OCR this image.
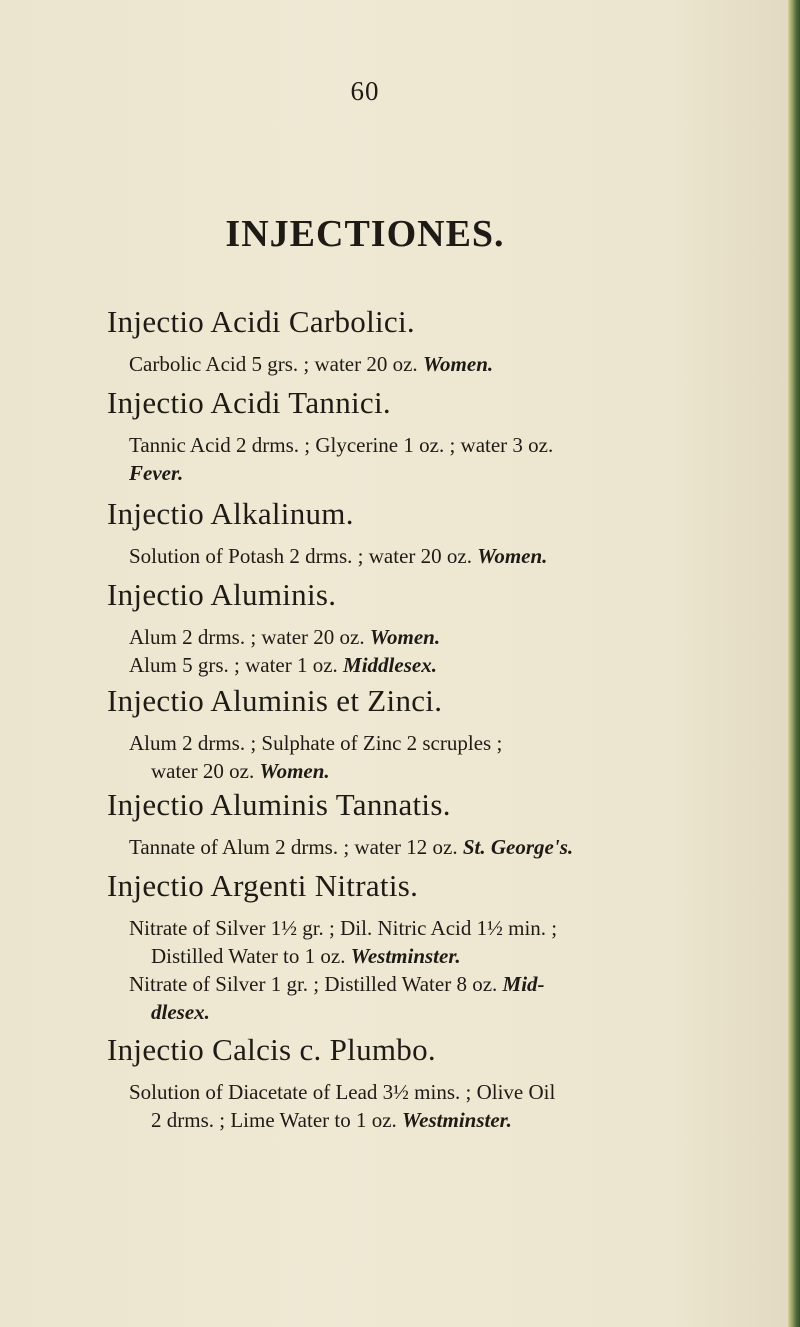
60
INJECTIONES.
Injectio Acidi Carbolici.
Carbolic Acid 5 grs. ; water 20 oz. Women.
Injectio Acidi Tannici.
Tannic Acid 2 drms. ; Glycerine 1 oz. ; water 3 oz.
Fever.
Injectio Alkalinum.
Solution of Potash 2 drms. ; water 20 oz. Women.
Injectio Aluminis.
Alum 2 drms. ; water 20 oz. Women.
Alum 5 grs. ; water 1 oz. Middlesex.
Injectio Aluminis et Zinci.
Alum 2 drms. ; Sulphate of Zinc 2 scruples ;
water 20 oz. Women.
Injectio Aluminis Tannatis.
Tannate of Alum 2 drms. ; water 12 oz. St. George's.
Injectio Argenti Nitratis.
Nitrate of Silver 1½ gr. ; Dil. Nitric Acid 1½ min. ;
Distilled Water to 1 oz. Westminster.
Nitrate of Silver 1 gr. ; Distilled Water 8 oz. Mid-
dlesex.
Injectio Calcis c. Plumbo.
Solution of Diacetate of Lead 3½ mins. ; Olive Oil
2 drms. ; Lime Water to 1 oz. Westminster.
